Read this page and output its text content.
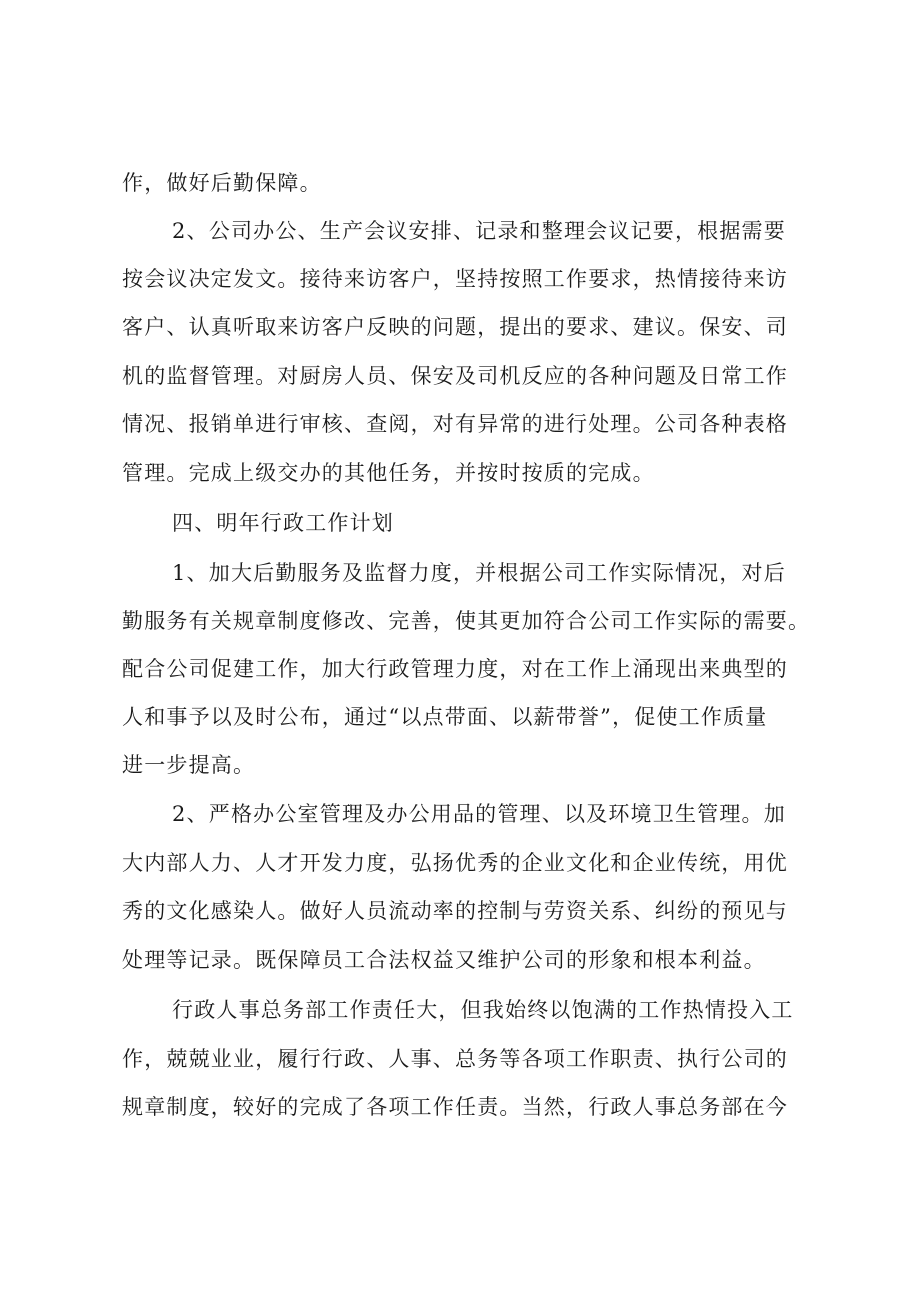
作，做好后勤保障。
2、公司办公、生产会议安排、记录和整理会议记要，根据需要
按会议决定发文。接待来访客户，坚持按照工作要求，热情接待来访
客户、认真听取来访客户反映的问题，提出的要求、建议。保安、司
机的监督管理。对厨房人员、保安及司机反应的各种问题及日常工作
情况、报销单进行审核、查阅，对有异常的进行处理。公司各种表格
管理。完成上级交办的其他任务，并按时按质的完成。
四、明年行政工作计划
1、加大后勤服务及监督力度，并根据公司工作实际情况，对后
勤服务有关规章制度修改、完善，使其更加符合公司工作实际的需要。
配合公司促建工作，加大行政管理力度，对在工作上涌现出来典型的
人和事予以及时公布，通过“以点带面、以薪带誉”，促使工作质量
进一步提高。
2、严格办公室管理及办公用品的管理、以及环境卫生管理。加
大内部人力、人才开发力度，弘扬优秀的企业文化和企业传统，用优
秀的文化感染人。做好人员流动率的控制与劳资关系、纠纷的预见与
处理等记录。既保障员工合法权益又维护公司的形象和根本利益。
行政人事总务部工作责任大，但我始终以饱满的工作热情投入工
作，兢兢业业，履行行政、人事、总务等各项工作职责、执行公司的
规章制度，较好的完成了各项工作任责。当然，行政人事总务部在今
